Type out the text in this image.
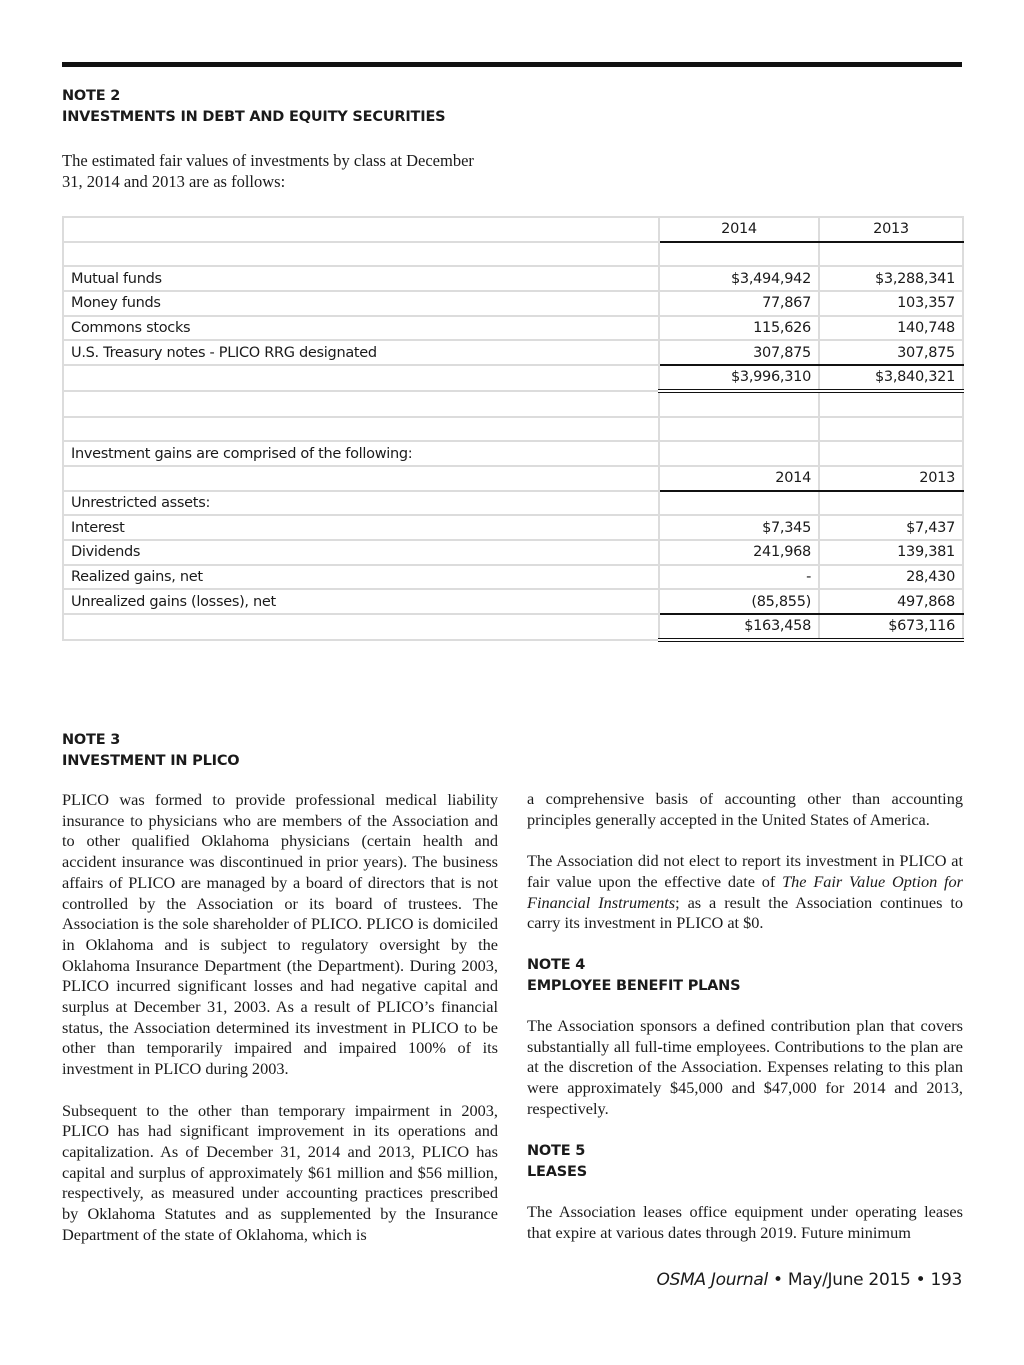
NOTE 2
INVESTMENTS IN DEBT AND EQUITY SECURITIES
The estimated fair values of investments by class at December 31, 2014 and 2013 are as follows:
	2014	2013

Mutual funds	$3,494,942	$3,288,341
Money funds	77,867	103,357
Commons stocks	115,626	140,748
U.S. Treasury notes - PLICO RRG designated	307,875	307,875
	$3,996,310	$3,840,321

Investment gains are comprised of the following:		
	2014	2013
Unrestricted assets:		
Interest	$7,345	$7,437
Dividends	241,968	139,381
Realized gains, net	-	28,430
Unrealized gains (losses), net	(85,855)	497,868
	$163,458	$673,116
NOTE 3
INVESTMENT IN PLICO

PLICO was formed to provide professional medical liability insurance to physicians who are members of the Association and to other qualified Oklahoma physicians (certain health and accident insurance was discontinued in prior years). The business affairs of PLICO are managed by a board of directors that is not controlled by the Association or its board of trustees. The Association is the sole shareholder of PLICO. PLICO is domiciled in Oklahoma and is subject to regulatory oversight by the Oklahoma Insurance Department (the Department). During 2003, PLICO incurred significant losses and had negative capital and surplus at December 31, 2003. As a result of PLICO’s financial status, the Association determined its investment in PLICO to be other than temporarily impaired and impaired 100% of its investment in PLICO during 2003.

Subsequent to the other than temporary impairment in 2003, PLICO has had significant improvement in its operations and capitalization. As of December 31, 2014 and 2013, PLICO has capital and surplus of approximately $61 million and $56 million, respectively, as measured under accounting practices prescribed by Oklahoma Statutes and as supplemented by the Insurance Department of the state of Oklahoma, which is

a comprehensive basis of accounting other than accounting principles generally accepted in the United States of America.

The Association did not elect to report its investment in PLICO at fair value upon the effective date of The Fair Value Option for Financial Instruments; as a result the Association continues to carry its investment in PLICO at $0.

NOTE 4
EMPLOYEE BENEFIT PLANS

The Association sponsors a defined contribution plan that covers substantially all full-time employees. Contributions to the plan are at the discretion of the Association. Expenses relating to this plan were approximately $45,000 and $47,000 for 2014 and 2013, respectively.

NOTE 5
LEASES

The Association leases office equipment under operating leases that expire at various dates through 2019. Future minimum

OSMA Journal • May/June 2015 • 193
